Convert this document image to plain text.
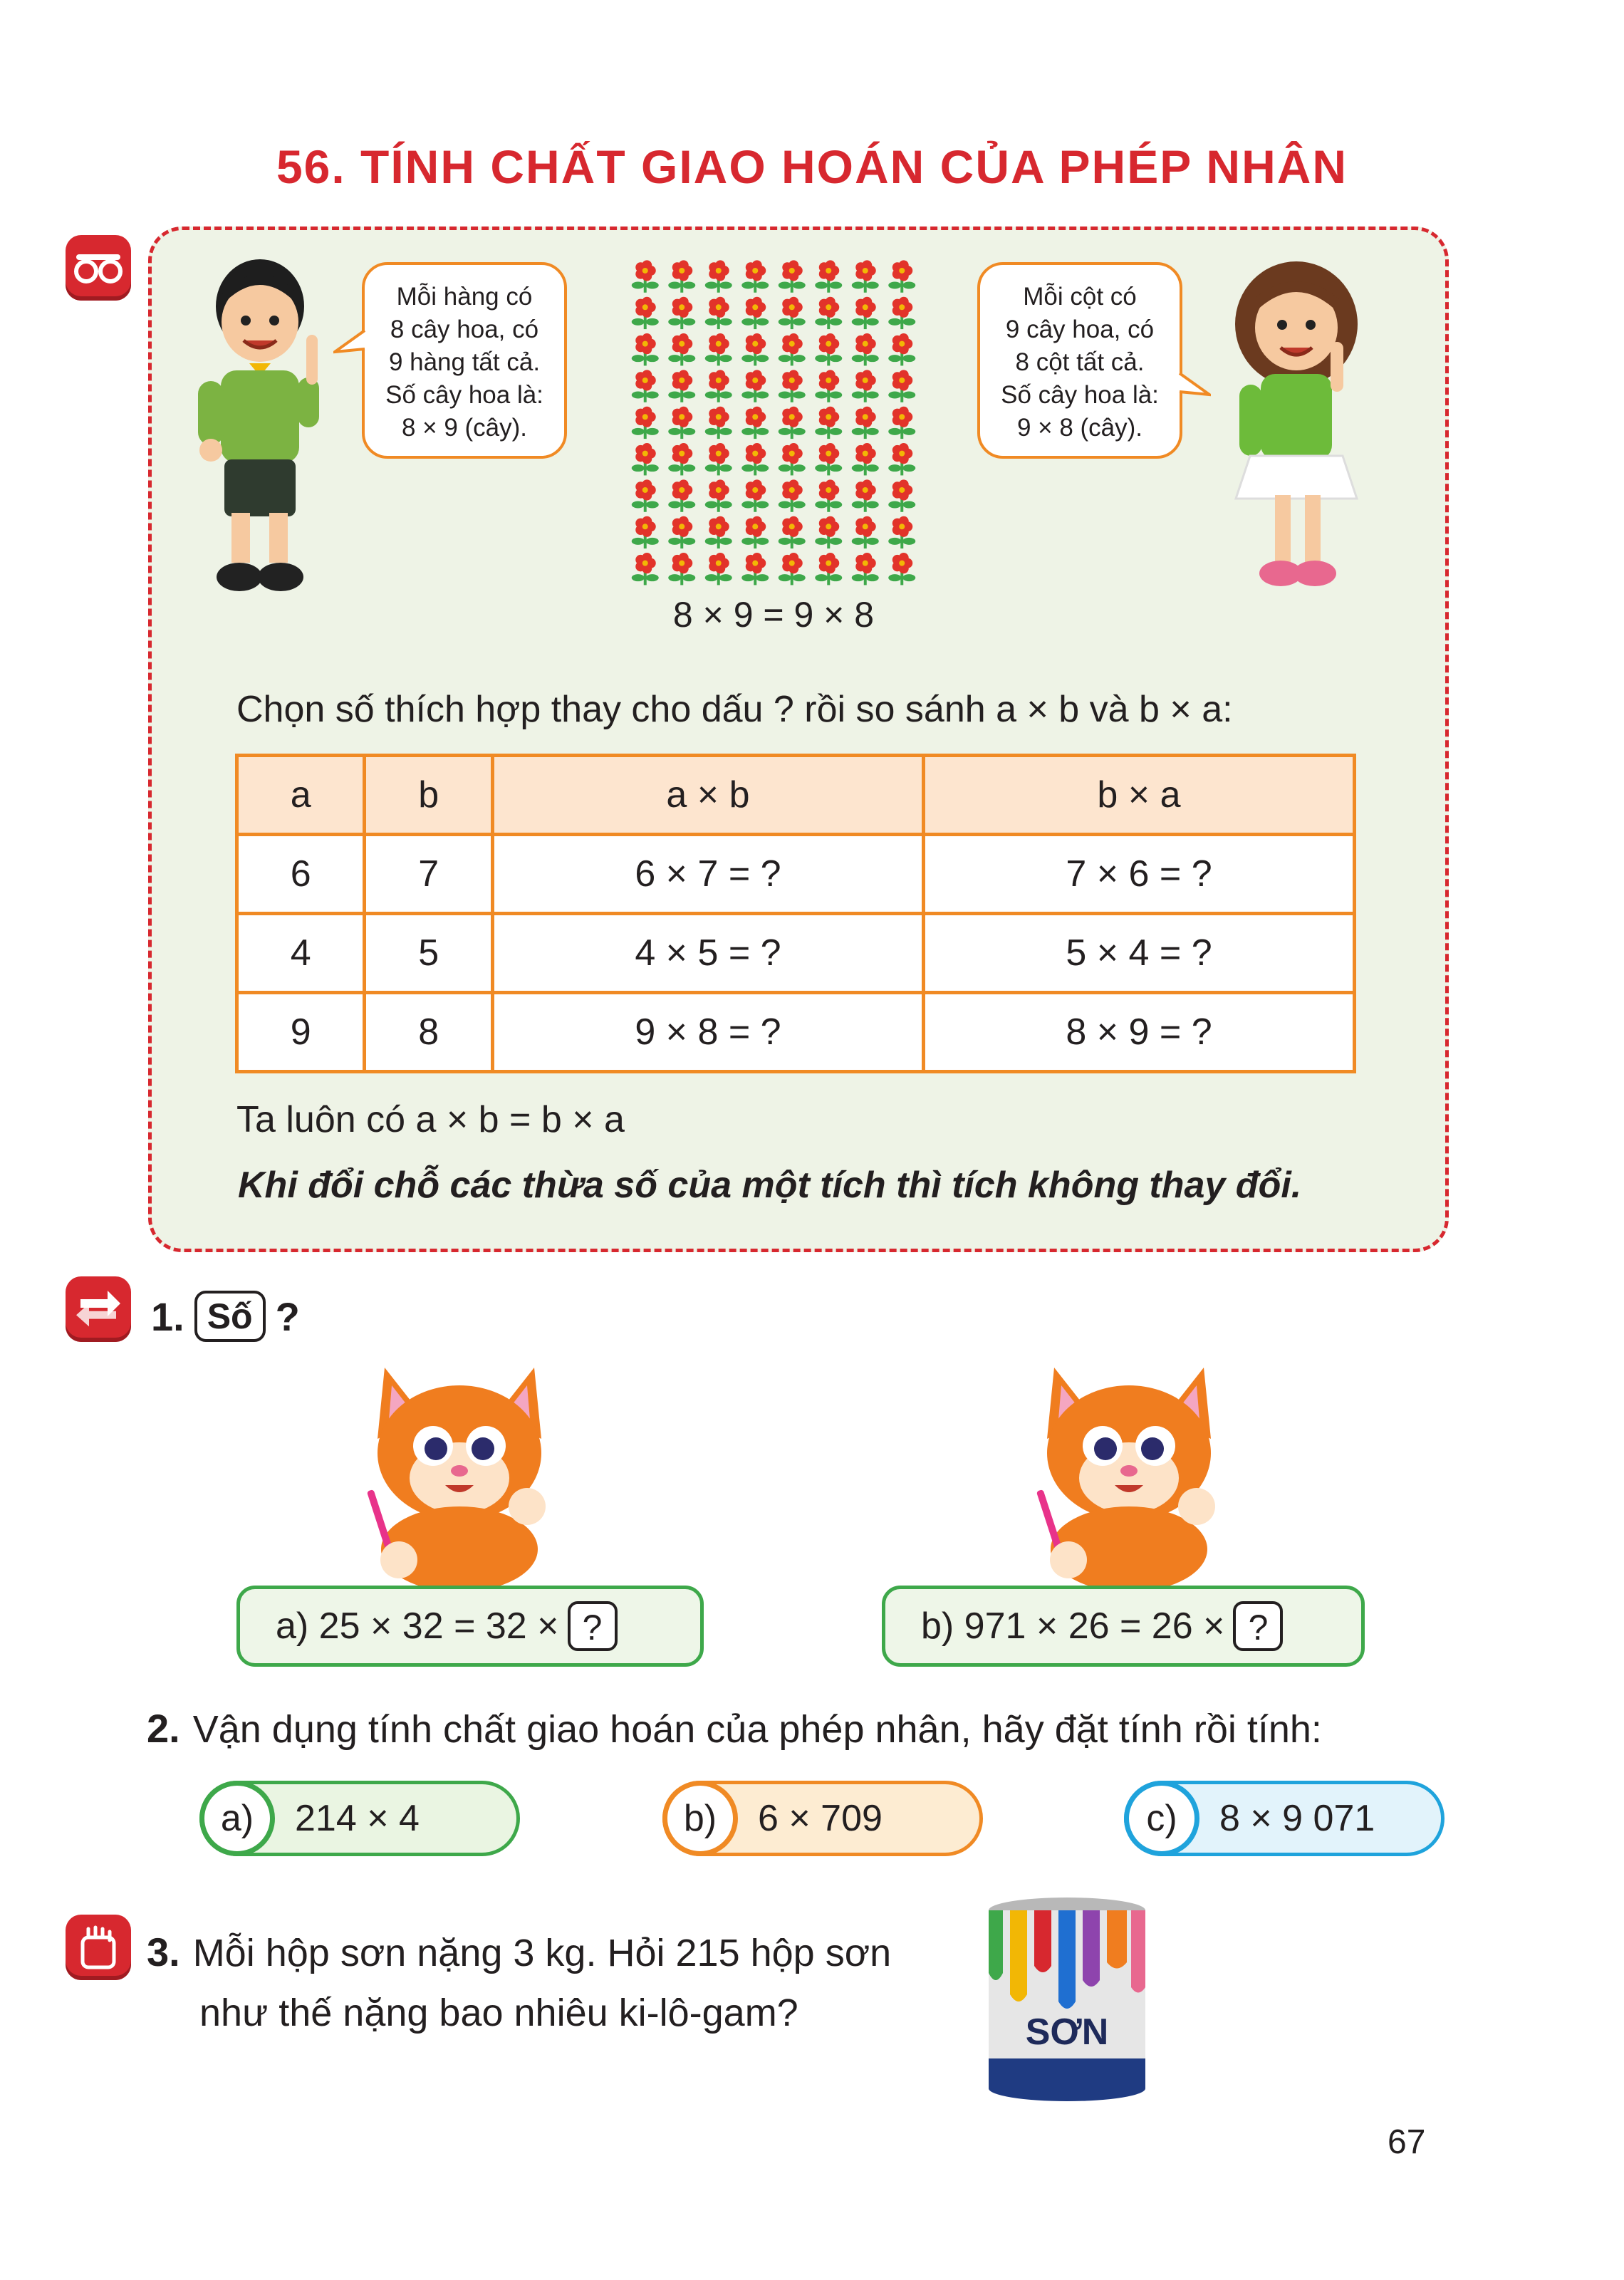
56. TÍNH CHẤT GIAO HOÁN CỦA PHÉP NHÂN

Mỗi hàng có

8 cây hoa, có

9 hàng tất cả.

Số cây hoa là:

8 × 9 (cây).

8 × 9 = 9 × 8

Mỗi cột có

9 cây hoa, có

8 cột tất cả.

Số cây hoa là:

9 × 8 (cây).

Chọn số thích hợp thay cho dấu ? rồi so sánh a × b và b × a:
a	b	a × b	b × a
6	7	6 × 7 = ?	7 × 6 = ?
4	5	4 × 5 = ?	5 × 4 = ?
9	8	9 × 8 = ?	8 × 9 = ?
Ta luôn có a × b = b × a
Khi đổi chỗ các thừa số của một tích thì tích không thay đổi.
1. Số ?
a) 25 × 32 = 32 × ?	b) 971 × 26 = 26 × ?
2. Vận dụng tính chất giao hoán của phép nhân, hãy đặt tính rồi tính:
a)	214 × 4	b)	6 × 709	c)	8 × 9 071
3. Mỗi hộp sơn nặng 3 kg. Hỏi 215 hộp sơn
như thế nặng bao nhiêu ki-lô-gam?	SƠN
67
